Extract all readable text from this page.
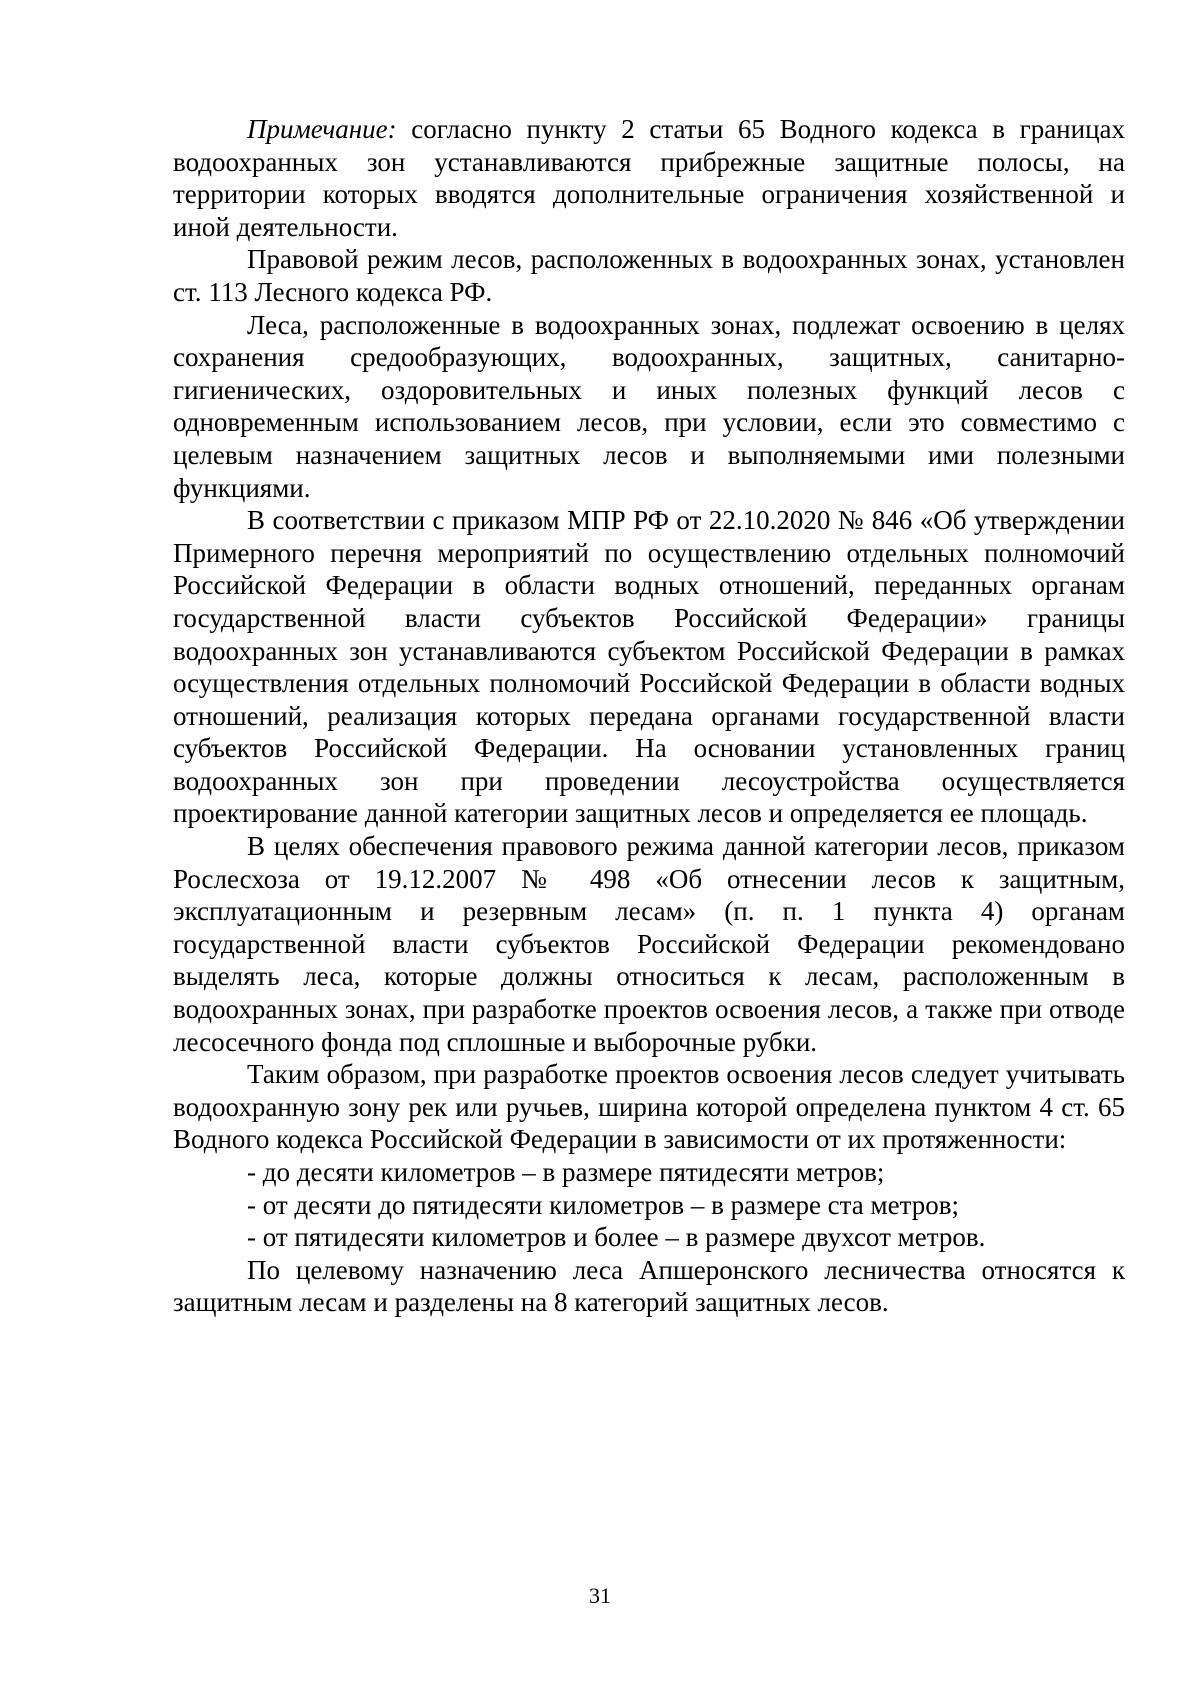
Примечание: согласно пункту 2 статьи 65 Водного кодекса в границах водоохранных зон устанавливаются прибрежные защитные полосы, на территории которых вводятся дополнительные ограничения хозяйственной и иной деятельности.

Правовой режим лесов, расположенных в водоохранных зонах, установлен ст. 113 Лесного кодекса РФ.

Леса, расположенные в водоохранных зонах, подлежат освоению в целях сохранения средообразующих, водоохранных, защитных, санитарно-гигиенических, оздоровительных и иных полезных функций лесов с одновременным использованием лесов, при условии, если это совместимо с целевым назначением защитных лесов и выполняемыми ими полезными функциями.

В соответствии с приказом МПР РФ от 22.10.2020 № 846 «Об утверждении Примерного перечня мероприятий по осуществлению отдельных полномочий Российской Федерации в области водных отношений, переданных органам государственной власти субъектов Российской Федерации» границы водоохранных зон устанавливаются субъектом Российской Федерации в рамках осуществления отдельных полномочий Российской Федерации в области водных отношений, реализация которых передана органами государственной власти субъектов Российской Федерации. На основании установленных границ водоохранных зон при проведении лесоустройства осуществляется проектирование данной категории защитных лесов и определяется ее площадь.

В целях обеспечения правового режима данной категории лесов, приказом Рослесхоза от 19.12.2007 № 498 «Об отнесении лесов к защитным, эксплуатационным и резервным лесам» (п. п. 1 пункта 4) органам государственной власти субъектов Российской Федерации рекомендовано выделять леса, которые должны относиться к лесам, расположенным в водоохранных зонах, при разработке проектов освоения лесов, а также при отводе лесосечного фонда под сплошные и выборочные рубки.

Таким образом, при разработке проектов освоения лесов следует учитывать водоохранную зону рек или ручьев, ширина которой определена пунктом 4 ст. 65 Водного кодекса Российской Федерации в зависимости от их протяженности:

- до десяти километров – в размере пятидесяти метров;

- от десяти до пятидесяти километров – в размере ста метров;

- от пятидесяти километров и более – в размере двухсот метров.

По целевому назначению леса Апшеронского лесничества относятся к защитным лесам и разделены на 8 категорий защитных лесов.

31
